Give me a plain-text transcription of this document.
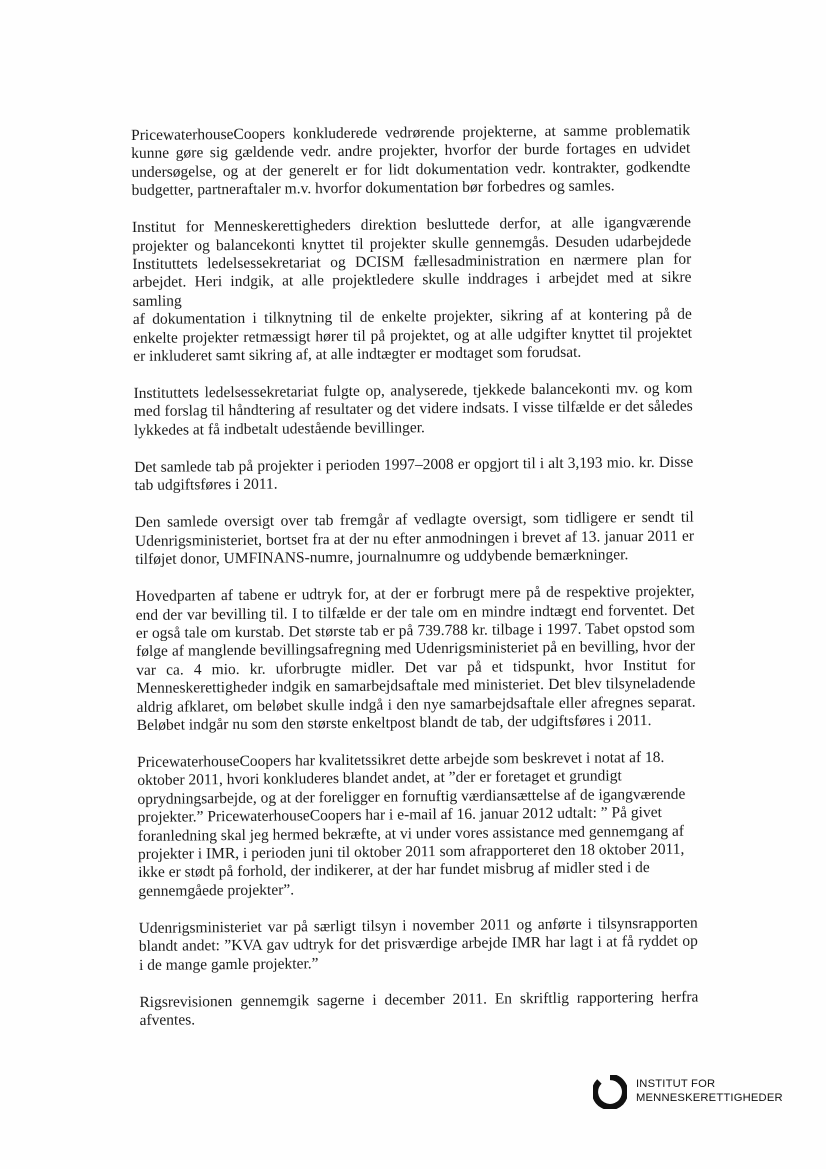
PricewaterhouseCoopers konkluderede vedrørende projekterne, at samme problematik
kunne gøre sig gældende vedr. andre projekter, hvorfor der burde fortages en udvidet
undersøgelse, og at der generelt er for lidt dokumentation vedr. kontrakter, godkendte
budgetter, partneraftaler m.v. hvorfor dokumentation bør forbedres og samles.

Institut for Menneskerettigheders direktion besluttede derfor, at alle igangværende
projekter og balancekonti knyttet til projekter skulle gennemgås. Desuden udarbejdede
Instituttets ledelsessekretariat og DCISM fællesadministration en nærmere plan for
arbejdet. Heri indgik, at alle projektledere skulle inddrages i arbejdet med at sikre samling
af dokumentation i tilknytning til de enkelte projekter, sikring af at kontering på de
enkelte projekter retmæssigt hører til på projektet, og at alle udgifter knyttet til projektet
er inkluderet samt sikring af, at alle indtægter er modtaget som forudsat.

Instituttets ledelsessekretariat fulgte op, analyserede, tjekkede balancekonti mv. og kom
med forslag til håndtering af resultater og det videre indsats. I visse tilfælde er det således
lykkedes at få indbetalt udestående bevillinger.

Det samlede tab på projekter i perioden 1997–2008 er opgjort til i alt 3,193 mio. kr. Disse
tab udgiftsføres i 2011.

Den samlede oversigt over tab fremgår af vedlagte oversigt, som tidligere er sendt til
Udenrigsministeriet, bortset fra at der nu efter anmodningen i brevet af 13. januar 2011 er
tilføjet donor, UMFINANS-numre, journalnumre og uddybende bemærkninger.

Hovedparten af tabene er udtryk for, at der er forbrugt mere på de respektive projekter,
end der var bevilling til. I to tilfælde er der tale om en mindre indtægt end forventet. Det
er også tale om kurstab. Det største tab er på 739.788 kr. tilbage i 1997. Tabet opstod som
følge af manglende bevillingsafregning med Udenrigsministeriet på en bevilling, hvor der
var ca. 4 mio. kr. uforbrugte midler. Det var på et tidspunkt, hvor Institut for
Menneskerettigheder indgik en samarbejdsaftale med ministeriet. Det blev tilsyneladende
aldrig afklaret, om beløbet skulle indgå i den nye samarbejdsaftale eller afregnes separat.
Beløbet indgår nu som den største enkeltpost blandt de tab, der udgiftsføres i 2011.

PricewaterhouseCoopers har kvalitetssikret dette arbejde som beskrevet i notat af 18.
oktober 2011, hvori konkluderes blandet andet, at ”der er foretaget et grundigt
oprydningsarbejde, og at der foreligger en fornuftig værdiansættelse af de igangværende
projekter.” PricewaterhouseCoopers har i e-mail af 16. januar 2012 udtalt: ” På givet
foranledning skal jeg hermed bekræfte, at vi under vores assistance med gennemgang af
projekter i IMR, i perioden juni til oktober 2011 som afrapporteret den 18 oktober 2011,
ikke er stødt på forhold, der indikerer, at der har fundet misbrug af midler sted i de
gennemgåede projekter”.

Udenrigsministeriet var på særligt tilsyn i november 2011 og anførte i tilsynsrapporten
blandt andet: ”KVA gav udtryk for det prisværdige arbejde IMR har lagt i at få ryddet op
i de mange gamle projekter.”

Rigsrevisionen gennemgik sagerne i december 2011. En skriftlig rapportering herfra
afventes.

INSTITUT FOR
MENNESKERETTIGHEDER
